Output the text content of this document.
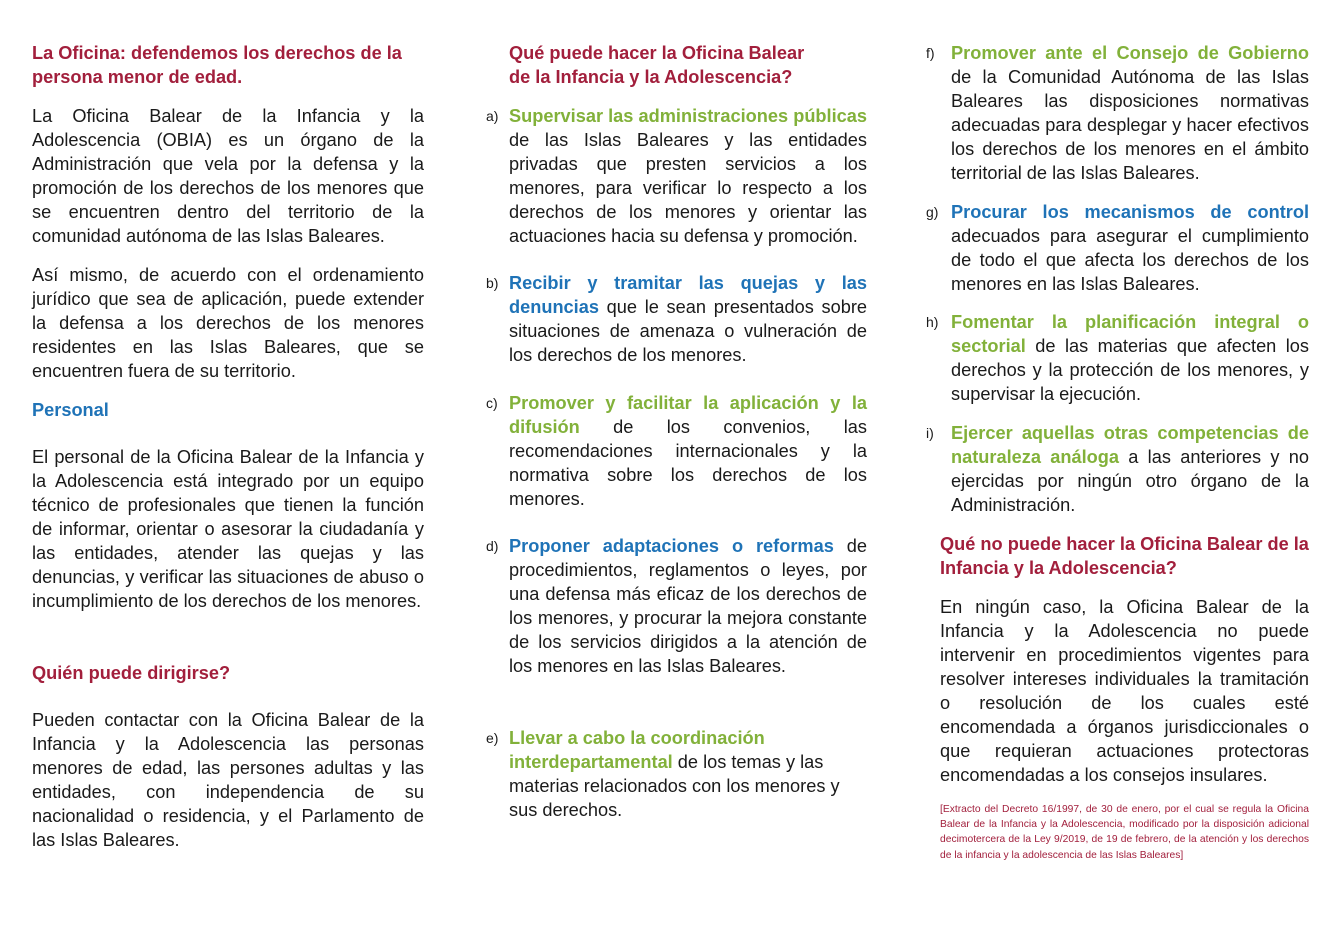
La Oficina: defendemos los derechos de la persona menor de edad.

La Oficina Balear de la Infancia y la Adolescencia (OBIA) es un órgano de la Administración que vela por la defensa y la promoción de los derechos de los menores que se encuentren dentro del territorio de la comunidad autónoma de las Islas Baleares.

Así mismo, de acuerdo con el ordenamiento jurídico que sea de aplicación, puede extender la defensa a los derechos de los menores residentes en las Islas Baleares, que se encuentren fuera de su territorio.

Personal

El personal de la Oficina Balear de la Infancia y la Adolescencia está integrado por un equipo técnico de profesionales que tienen la función de informar, orientar o asesorar la ciudadanía y las entidades, atender las quejas y las denuncias, y verificar las situaciones de abuso o incumplimiento de los derechos de los menores.

Quién puede dirigirse?

Pueden contactar con la Oficina Balear de la Infancia y la Adolescencia las personas menores de edad, las persones adultas y las entidades, con independencia de su nacionalidad o residencia, y el Parlamento de las Islas Baleares.

Qué puede hacer la Oficina Balear de la Infancia y la Adolescencia?
a) Supervisar las administraciones públicas de las Islas Baleares y las entidades privadas que presten servicios a los menores, para verificar lo respecto a los derechos de los menores y orientar las actuaciones hacia su defensa y promoción.
b) Recibir y tramitar las quejas y las denuncias que le sean presentados sobre situaciones de amenaza o vulneración de los derechos de los menores.
c) Promover y facilitar la aplicación y la difusión de los convenios, las recomendaciones internacionales y la normativa sobre los derechos de los menores.
d) Proponer adaptaciones o reformas de procedimientos, reglamentos o leyes, por una defensa más eficaz de los derechos de los menores, y procurar la mejora constante de los servicios dirigidos a la atención de los menores en las Islas Baleares.
e) Llevar a cabo la coordinación interdepartamental de los temas y las materias relacionados con los menores y sus derechos.
f) Promover ante el Consejo de Gobierno de la Comunidad Autónoma de las Islas Baleares las disposiciones normativas adecuadas para desplegar y hacer efectivos los derechos de los menores en el ámbito territorial de las Islas Baleares.
g) Procurar los mecanismos de control adecuados para asegurar el cumplimiento de todo el que afecta los derechos de los menores en las Islas Baleares.
h) Fomentar la planificación integral o sectorial de las materias que afecten los derechos y la protección de los menores, y supervisar la ejecución.
i) Ejercer aquellas otras competencias de naturaleza análoga a las anteriores y no ejercidas por ningún otro órgano de la Administración.
Qué no puede hacer la Oficina Balear de la Infancia y la Adolescencia?

En ningún caso, la Oficina Balear de la Infancia y la Adolescencia no puede intervenir en procedimientos vigentes para resolver intereses individuales la tramitación o resolución de los cuales esté encomendada a órganos jurisdiccionales o que requieran actuaciones protectoras encomendadas a los consejos insulares.

[Extracto del Decreto 16/1997, de 30 de enero, por el cual se regula la Oficina Balear de la Infancia y la Adolescencia, modificado por la disposición adicional decimotercera de la Ley 9/2019, de 19 de febrero, de la atención y los derechos de la infancia y la adolescencia de las Islas Baleares]
